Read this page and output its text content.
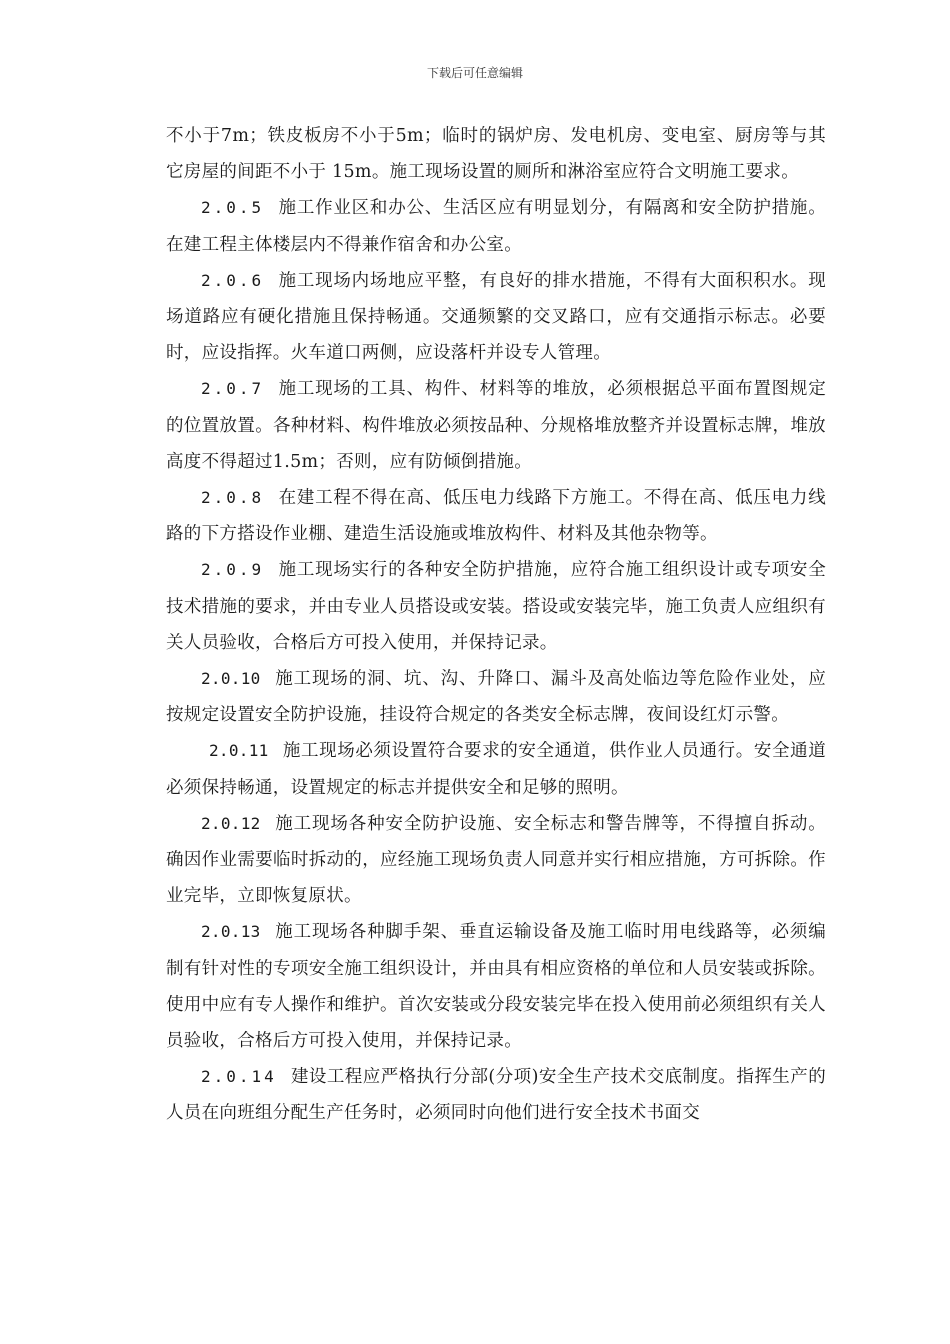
下载后可任意编辑

不小于7m；铁皮板房不小于5m；临时的锅炉房、发电机房、变电室、厨房等与其它房屋的间距不小于 15m。施工现场设置的厕所和淋浴室应符合文明施工要求。

2.0.5 施工作业区和办公、生活区应有明显划分，有隔离和安全防护措施。在建工程主体楼层内不得兼作宿舍和办公室。

2.0.6 施工现场内场地应平整，有良好的排水措施，不得有大面积积水。现场道路应有硬化措施且保持畅通。交通频繁的交叉路口，应有交通指示标志。必要时，应设指挥。火车道口两侧，应设落杆并设专人管理。

2.0.7 施工现场的工具、构件、材料等的堆放，必须根据总平面布置图规定的位置放置。各种材料、构件堆放必须按品种、分规格堆放整齐并设置标志牌，堆放高度不得超过1.5m；否则，应有防倾倒措施。

2.0.8 在建工程不得在高、低压电力线路下方施工。不得在高、低压电力线路的下方搭设作业棚、建造生活设施或堆放构件、材料及其他杂物等。

2.0.9 施工现场实行的各种安全防护措施，应符合施工组织设计或专项安全技术措施的要求，并由专业人员搭设或安装。搭设或安装完毕，施工负责人应组织有关人员验收，合格后方可投入使用，并保持记录。

2.0.10 施工现场的洞、坑、沟、升降口、漏斗及高处临边等危险作业处，应按规定设置安全防护设施，挂设符合规定的各类安全标志牌，夜间设红灯示警。

2.0.11 施工现场必须设置符合要求的安全通道，供作业人员通行。安全通道必须保持畅通，设置规定的标志并提供安全和足够的照明。

2.0.12 施工现场各种安全防护设施、安全标志和警告牌等，不得擅自拆动。确因作业需要临时拆动的，应经施工现场负责人同意并实行相应措施，方可拆除。作业完毕，立即恢复原状。

2.0.13 施工现场各种脚手架、垂直运输设备及施工临时用电线路等，必须编制有针对性的专项安全施工组织设计，并由具有相应资格的单位和人员安装或拆除。使用中应有专人操作和维护。首次安装或分段安装完毕在投入使用前必须组织有关人员验收，合格后方可投入使用，并保持记录。

2.0.14 建设工程应严格执行分部(分项)安全生产技术交底制度。指挥生产的人员在向班组分配生产任务时，必须同时向他们进行安全技术书面交
